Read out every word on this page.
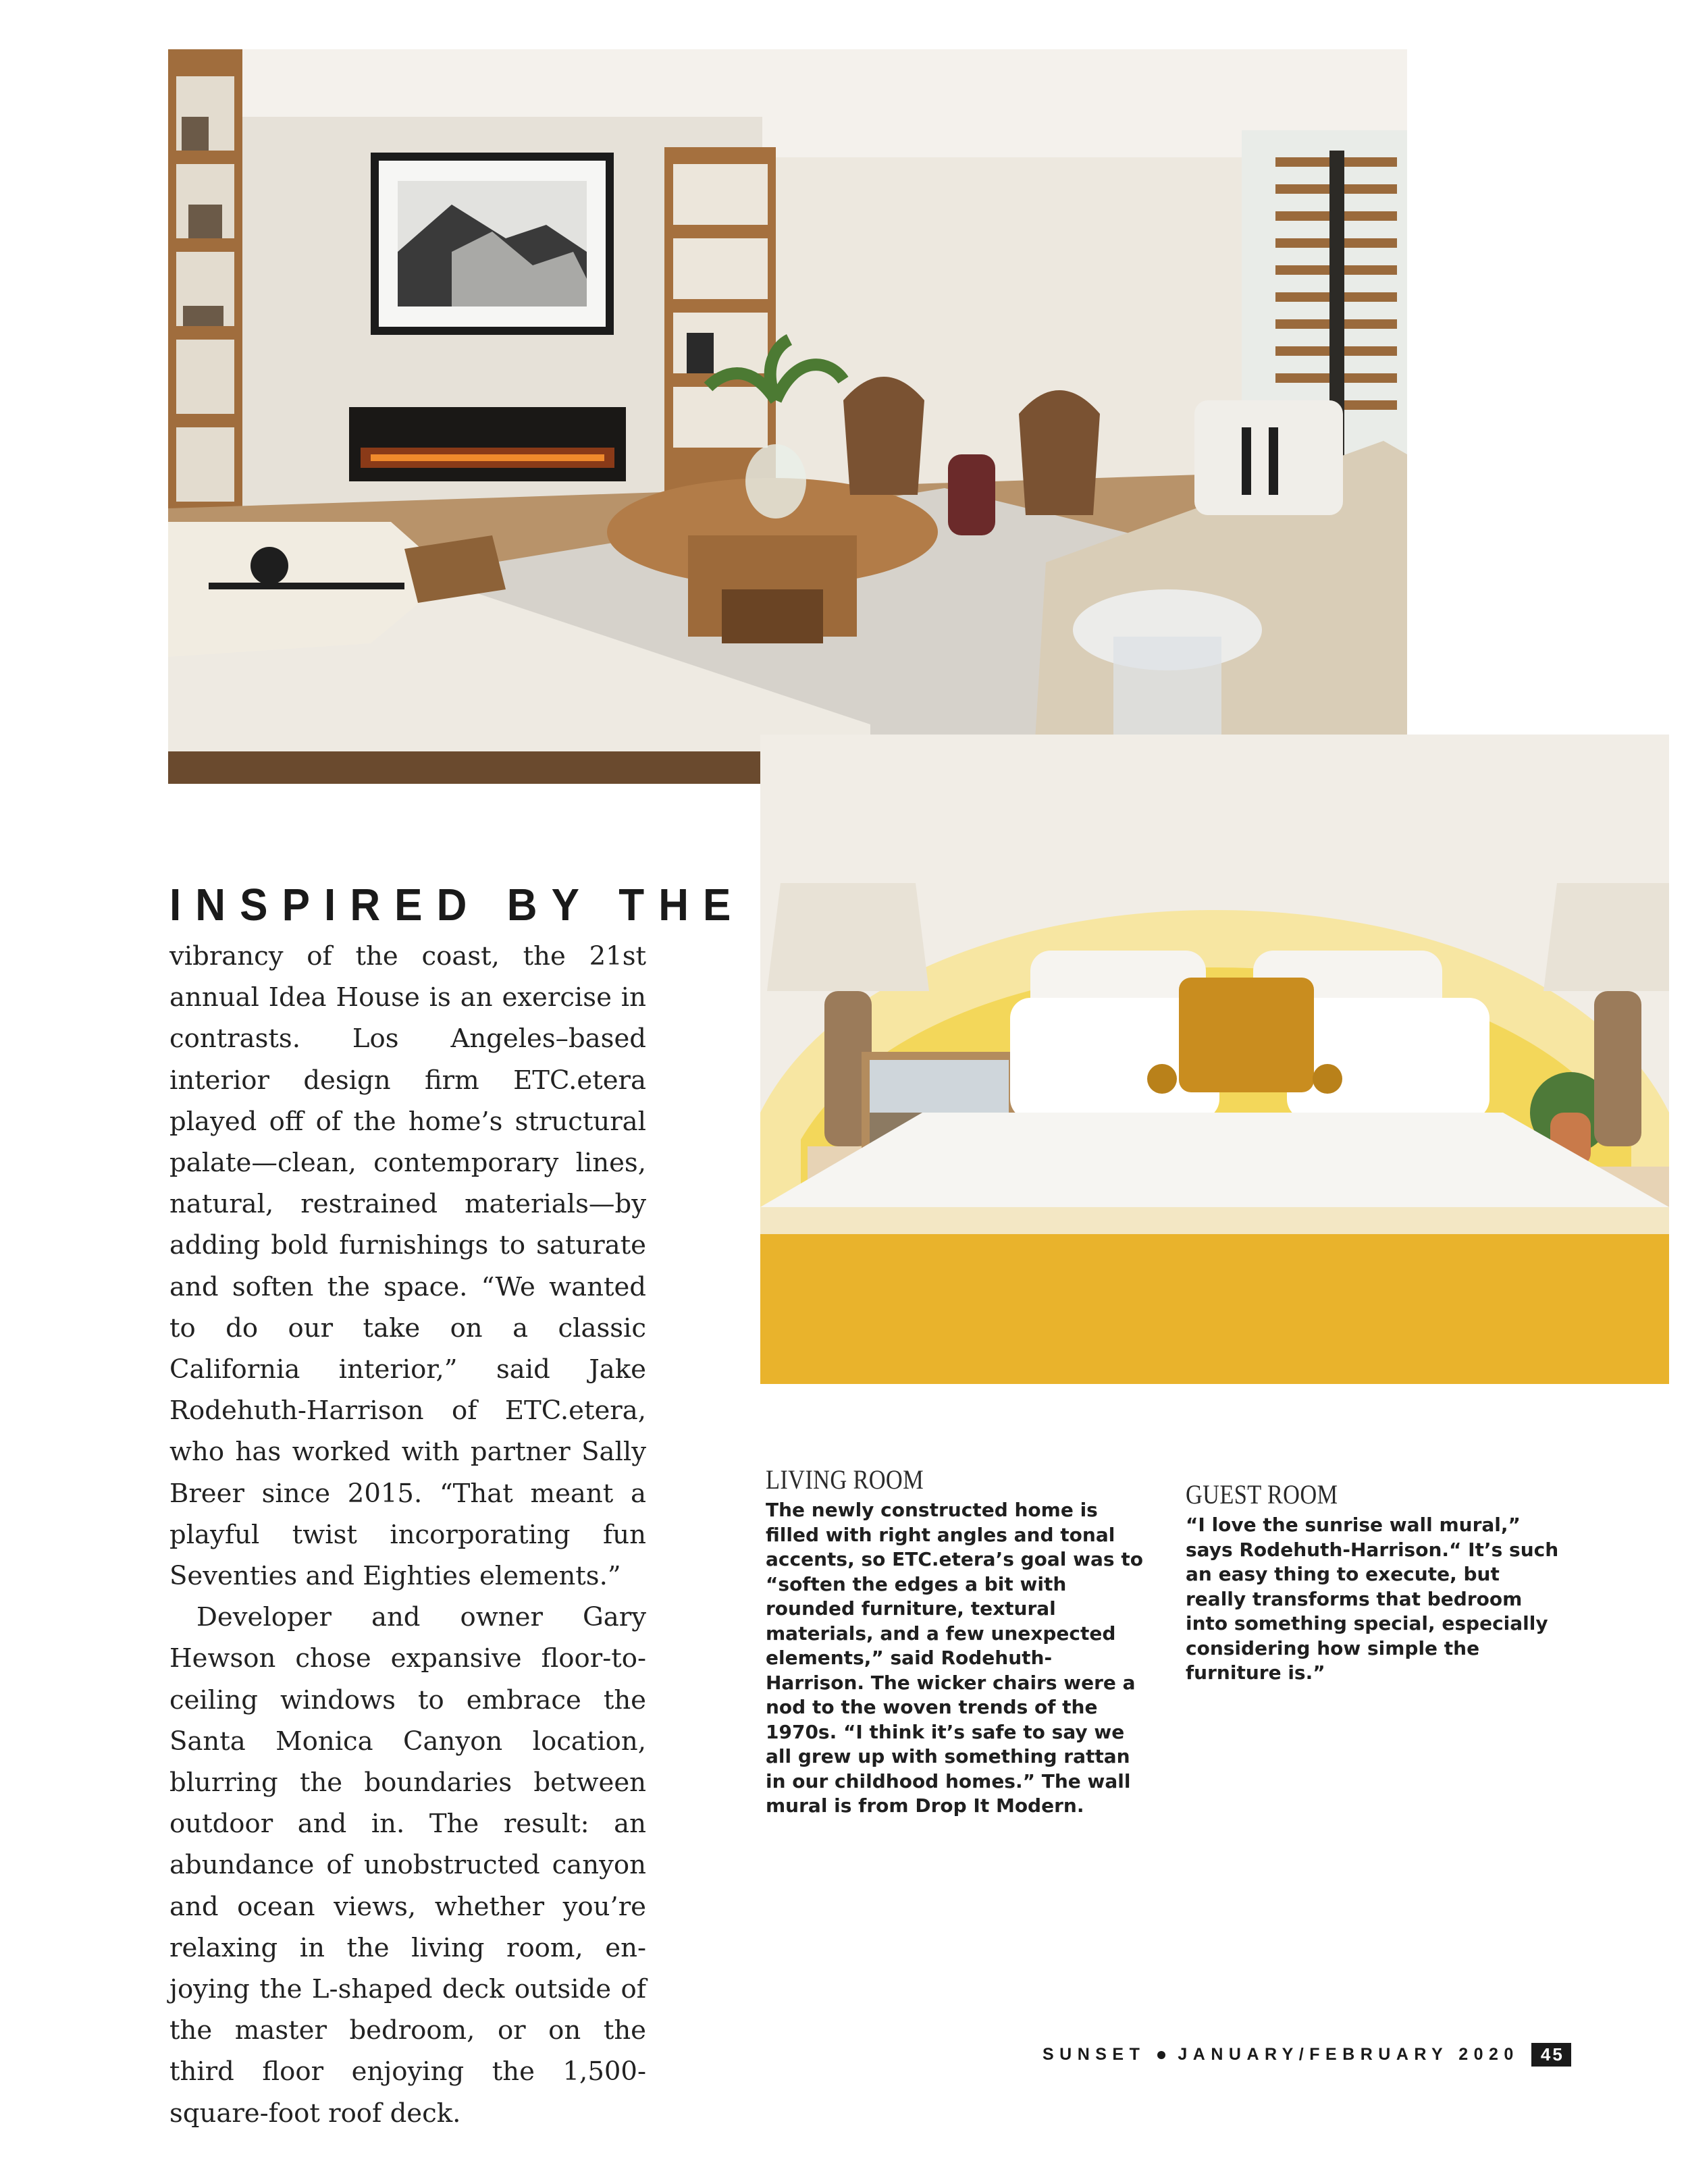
INSPIRED BY THE

vibrancy of the coast, the 21st annual Idea House is an exercise in contrasts. Los Angeles–based interior design firm ETC.etera played off of the home’s structural palate—clean, contemporary lines, natural, restrained materials—by adding bold furnishings to saturate and soften the space. “We wanted to do our take on a classic California interior,” said Jake Rodehuth-Harrison of ETC.etera, who has worked with partner Sally Breer since 2015. “That meant a playful twist incorporating fun Seventies and Eighties elements.”

Developer and owner Gary Hewson chose expansive floor-to-ceiling windows to embrace the Santa Monica Canyon location, blurring the boundaries between outdoor and in. The result: an abundance of unobstructed canyon and ocean views, whether you’re relaxing in the living room, enjoying the L-shaped deck outside of the master bedroom, or on the third floor enjoying the 1,500-square-foot roof deck.

LIVING ROOM

The newly constructed home is filled with right angles and tonal accents, so ETC.etera’s goal was to “soften the edges a bit with rounded furniture, textural materials, and a few unexpected elements,” said Rodehuth-Harrison. The wicker chairs were a nod to the woven trends of the 1970s. “I think it’s safe to say we all grew up with something rattan in our childhood homes.” The wall mural is from Drop It Modern.

GUEST ROOM

“I love the sunrise wall mural,” says Rodehuth-Harrison.“ It’s such an easy thing to execute, but really transforms that bedroom into something special, especially considering how simple the furniture is.”

SUNSET JANUARY/FEBRUARY 2020	45
